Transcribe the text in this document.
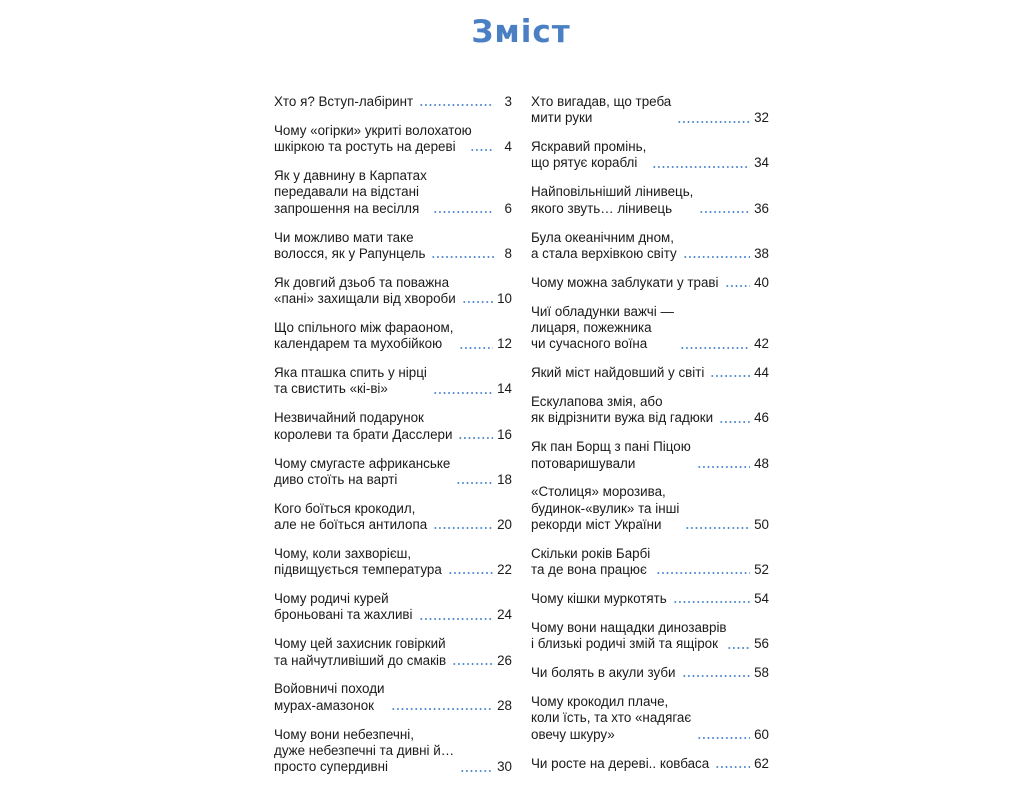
Зміст
Хто я? Вступ-лабіринт	3
Чому «огірки» укриті волохатою
шкіркою та ростуть на дереві	4
Як у давнину в Карпатах
передавали на відстані
запрошення на весілля	6
Чи можливо мати таке
волосся, як у Рапунцель	8
Як довгий дзьоб та поважна
«пані» захищали від хвороби	10
Що спільного між фараоном,
календарем та мухобійкою	12
Яка пташка спить у нірці
та свистить «кі-ві»	14
Незвичайний подарунок
королеви та брати Дасслери	16
Чому смугасте африканське
диво стоїть на варті	18
Кого боїться крокодил,
але не боїться антилопа	20
Чому, коли захворієш,
підвищується температура	22
Чому родичі курей
броньовані та жахливі	24
Чому цей захисник говіркий
та найчутливіший до смаків	26
Войовничі походи
мурах-амазонок	28
Чому вони небезпечні,
дуже небезпечні та дивні й…
просто супердивні	30
Хто вигадав, що треба
мити руки	32
Яскравий промінь,
що рятує кораблі	34
Найповільніший лінивець,
якого звуть… лінивець	36
Була океанічним дном,
а стала верхівкою світу	38
Чому можна заблукати у траві	40
Чиї обладунки важчі —
лицаря, пожежника
чи сучасного воїна	42
Який міст найдовший у світі	44
Ескулапова змія, або
як відрізнити вужа від гадюки	46
Як пан Борщ з пані Піцою
потоваришували	48
«Столиця» морозива,
будинок-«вулик» та інші
рекорди міст України	50
Скільки років Барбі
та де вона працює	52
Чому кішки муркотять	54
Чому вони нащадки динозаврів
і близькі родичі змій та ящірок	56
Чи болять в акули зуби	58
Чому крокодил плаче,
коли їсть, та хто «надягає
овечу шкуру»	60
Чи росте на дереві.. ковбаса	62
